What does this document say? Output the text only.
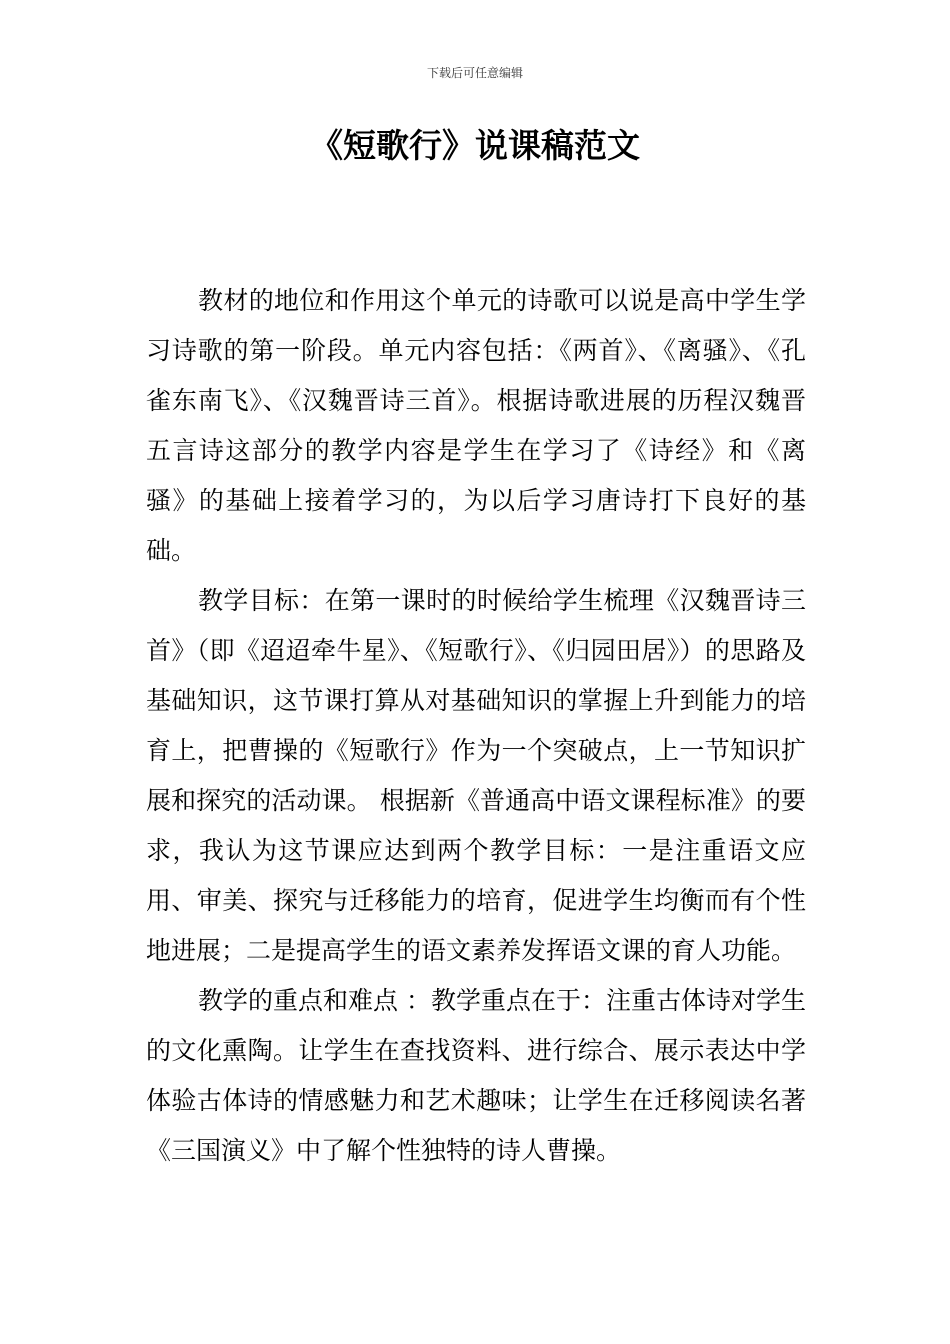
下载后可任意编辑
《短歌行》说课稿范文

教材的地位和作用这个单元的诗歌可以说是高中学生学习诗歌的第一阶段。单元内容包括：《两首》、《离骚》、《孔雀东南飞》、《汉魏晋诗三首》。根据诗歌进展的历程汉魏晋五言诗这部分的教学内容是学生在学习了《诗经》和《离骚》的基础上接着学习的，为以后学习唐诗打下良好的基础。

教学目标：在第一课时的时候给学生梳理《汉魏晋诗三首》（即《迢迢牵牛星》、《短歌行》、《归园田居》）的思路及基础知识，这节课打算从对基础知识的掌握上升到能力的培育上，把曹操的《短歌行》作为一个突破点，上一节知识扩展和探究的活动课。 根据新《普通高中语文课程标准》的要求，我认为这节课应达到两个教学目标：一是注重语文应用、审美、探究与迁移能力的培育，促进学生均衡而有个性地进展；二是提高学生的语文素养发挥语文课的育人功能。

教学的重点和难点 ：教学重点在于：注重古体诗对学生的文化熏陶。让学生在查找资料、进行综合、展示表达中学体验古体诗的情感魅力和艺术趣味；让学生在迁移阅读名著《三国演义》中了解个性独特的诗人曹操。
